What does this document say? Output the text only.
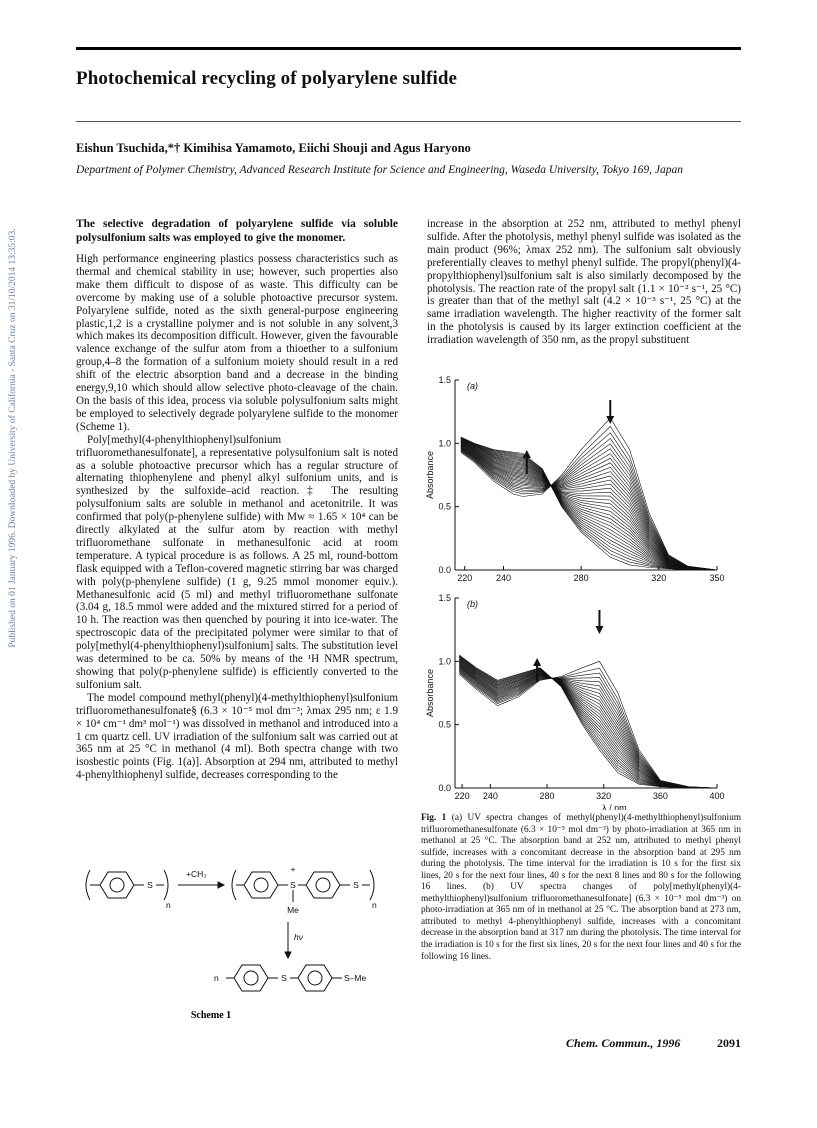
Photochemical recycling of polyarylene sulfide
Eishun Tsuchida,*† Kimihisa Yamamoto, Eiichi Shouji and Agus Haryono
Department of Polymer Chemistry, Advanced Research Institute for Science and Engineering, Waseda University, Tokyo 169, Japan
Published on 01 January 1996. Downloaded by University of California - Santa Cruz on 31/10/2014 13:35:03.
The selective degradation of polyarylene sulfide via soluble polysulfonium salts was employed to give the monomer.

High performance engineering plastics possess characteristics such as thermal and chemical stability in use; however, such properties also make them difficult to dispose of as waste. This difficulty can be overcome by making use of a soluble photoactive precursor system. Polyarylene sulfide, noted as the sixth general-purpose engineering plastic,1,2 is a crystalline polymer and is not soluble in any solvent,3 which makes its decomposition difficult. However, given the favourable valence exchange of the sulfur atom from a thioether to a sulfonium group,4–8 the formation of a sulfonium moiety should result in a red shift of the electric absorption band and a decrease in the binding energy,9,10 which should allow selective photo-cleavage of the chain. On the basis of this idea, process via soluble polysulfonium salts might be employed to selectively degrade polyarylene sulfide to the monomer (Scheme 1).

Poly[methyl(4-phenylthiophenyl)sulfonium trifluoromethanesulfonate], a representative polysulfonium salt is noted as a soluble photoactive precursor which has a regular structure of alternating thiophenylene and phenyl alkyl sulfonium units, and is synthesized by the sulfoxide–acid reaction.‡ The resulting polysulfonium salts are soluble in methanol and acetonitrile. It was confirmed that poly(p-phenylene sulfide) with Mw ≈ 1.65 × 10⁴ can be directly alkylated at the sulfur atom by reaction with methyl trifluoromethane sulfonate in methanesulfonic acid at room temperature. A typical procedure is as follows. A 25 ml, round-bottom flask equipped with a Teflon-covered magnetic stirring bar was charged with poly(p-phenylene sulfide) (1 g, 9.25 mmol monomer equiv.). Methanesulfonic acid (5 ml) and methyl trifluoromethane sulfonate (3.04 g, 18.5 mmol were added and the mixtured stirred for a period of 10 h. The reaction was then quenched by pouring it into ice-water. The spectroscopic data of the precipitated polymer were similar to that of poly[methyl(4-phenylthiophenyl)sulfonium] salts. The substitution level was determined to be ca. 50% by means of the ¹H NMR spectrum, showing that poly(p-phenylene sulfide) is efficiently converted to the sulfonium salt.

The model compound methyl(phenyl)(4-methylthiophenyl)sulfonium trifluoromethanesulfonate§ (6.3 × 10⁻⁵ mol dm⁻³; λmax 295 nm; ε 1.9 × 10⁴ cm⁻¹ dm³ mol⁻¹) was dissolved in methanol and introduced into a 1 cm quartz cell. UV irradiation of the sulfonium salt was carried out at 365 nm at 25 °C in methanol (4 ml). Both spectra change with two isosbestic points (Fig. 1(a)]. Absorption at 294 nm, attributed to methyl 4-phenylthiophenyl sulfide, decreases corresponding to the

increase in the absorption at 252 nm, attributed to methyl phenyl sulfide. After the photolysis, methyl phenyl sulfide was isolated as the main product (96%; λmax 252 nm). The sulfonium salt obviously preferentially cleaves to methyl phenyl sulfide. The propyl(phenyl)(4-propylthiophenyl)sulfonium salt is also similarly decomposed by the photolysis. The reaction rate of the propyl salt (1.1 × 10⁻² s⁻¹, 25 °C) is greater than that of the methyl salt (4.2 × 10⁻³ s⁻¹, 25 °C) at the same irradiation wavelength. The higher reactivity of the former salt in the photolysis is caused by its larger extinction coefficient at the irradiation wavelength of 350 nm, as the propyl substituent

S
n
+CH₃	+
S
Me
S
n
hν
n	S	S–Me
Scheme 1
0.0
0.5
1.0
1.5
220	240	280	320	350
(a)
Absorbance
0.0
0.5
1.0
1.5
220 240	280	320	360	400
(b)
Absorbance
λ / nm
Fig. 1 (a) UV spectra changes of methyl(phenyl)(4-methylthiophenyl)sulfonium trifluoromethanesulfonate (6.3 × 10⁻⁵ mol dm⁻³) by photo-irradiation at 365 nm in methanol at 25 °C. The absorption band at 252 nm, attributed to methyl phenyl sulfide, increases with a concomitant decrease in the absorption band at 295 nm during the photolysis. The time interval for the irradiation is 10 s for the first six lines, 20 s for the next four lines, 40 s for the next 8 lines and 80 s for the following 16 lines. (b) UV spectra changes of poly[methyl(phenyl)(4-methylthiophenyl)sulfonium trifluoromethanesulfonate] (6.3 × 10⁻⁵ mol dm⁻³) on photo-irradiation at 365 nm of in methanol at 25 °C. The absorption band at 273 nm, attributed to methyl 4-phenylthiophenyl sulfide, increases with a concomitant decrease in the absorption band at 317 nm during the photolysis. The time interval for the irradiation is 10 s for the first six lines, 20 s for the next four lines and 40 s for the following 16 lines.
Chem. Commun., 1996	2091
